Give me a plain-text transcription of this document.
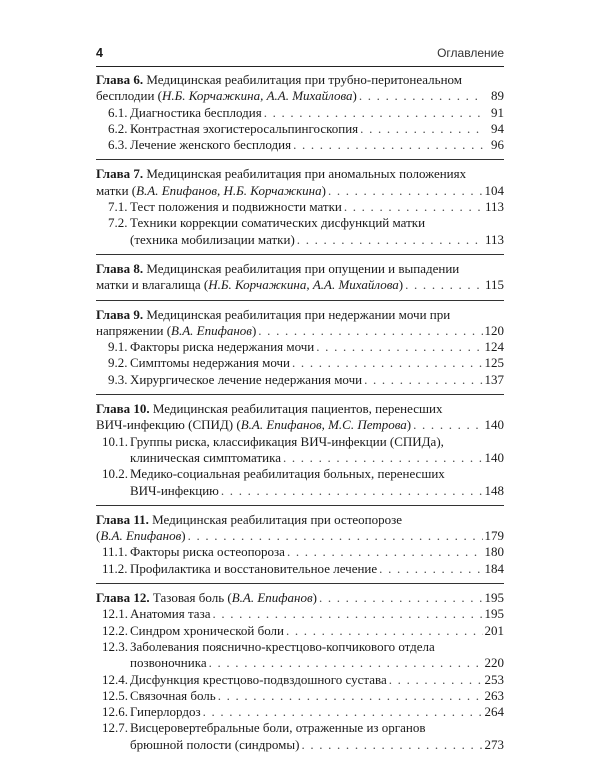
4	Оглавление
Глава 6. Медицинская реабилитация при трубно-перитонеальном
бесплодии (Н.Б. Корчажкина, А.А. Михайлова) . . .	89
6.1. Диагностика бесплодия . . .	91
6.2. Контрастная эхогистеросальпингоскопия . . .	94
6.3. Лечение женского бесплодия . . .	96
Глава 7. Медицинская реабилитация при аномальных положениях
матки (В.А. Епифанов, Н.Б. Корчажкина) . . .	104
7.1. Тест положения и подвижности матки . . .	113
7.2. Техники коррекции соматических дисфункций матки
(техника мобилизации матки) . . .	113
Глава 8. Медицинская реабилитация при опущении и выпадении
матки и влагалища (Н.Б. Корчажкина, А.А. Михайлова) . . .	115
Глава 9. Медицинская реабилитация при недержании мочи при
напряжении (В.А. Епифанов) . . .	120
9.1. Факторы риска недержания мочи . . .	124
9.2. Симптомы недержания мочи . . .	125
9.3. Хирургическое лечение недержания мочи . . .	137
Глава 10. Медицинская реабилитация пациентов, перенесших
ВИЧ-инфекцию (СПИД) (В.А. Епифанов, М.С. Петрова) . . .	140
10.1. Группы риска, классификация ВИЧ-инфекции (СПИДа),
клиническая симптоматика . . .	140
10.2. Медико-социальная реабилитация больных, перенесших
ВИЧ-инфекцию . . .	148
Глава 11. Медицинская реабилитация при остеопорозе
(В.А. Епифанов) . . .	179
11.1. Факторы риска остеопороза . . .	180
11.2. Профилактика и восстановительное лечение . . .	184
Глава 12. Тазовая боль (В.А. Епифанов) . . .	195
12.1. Анатомия таза . . .	195
12.2. Синдром хронической боли . . .	201
12.3. Заболевания пояснично-крестцово-копчикового отдела
позвоночника . . .	220
12.4. Дисфункция крестцово-подвздошного сустава . . .	253
12.5. Связочная боль . . .	263
12.6. Гиперлордоз . . .	264
12.7. Висцеровертебральные боли, отраженные из органов
брюшной полости (синдромы) . . .	273
